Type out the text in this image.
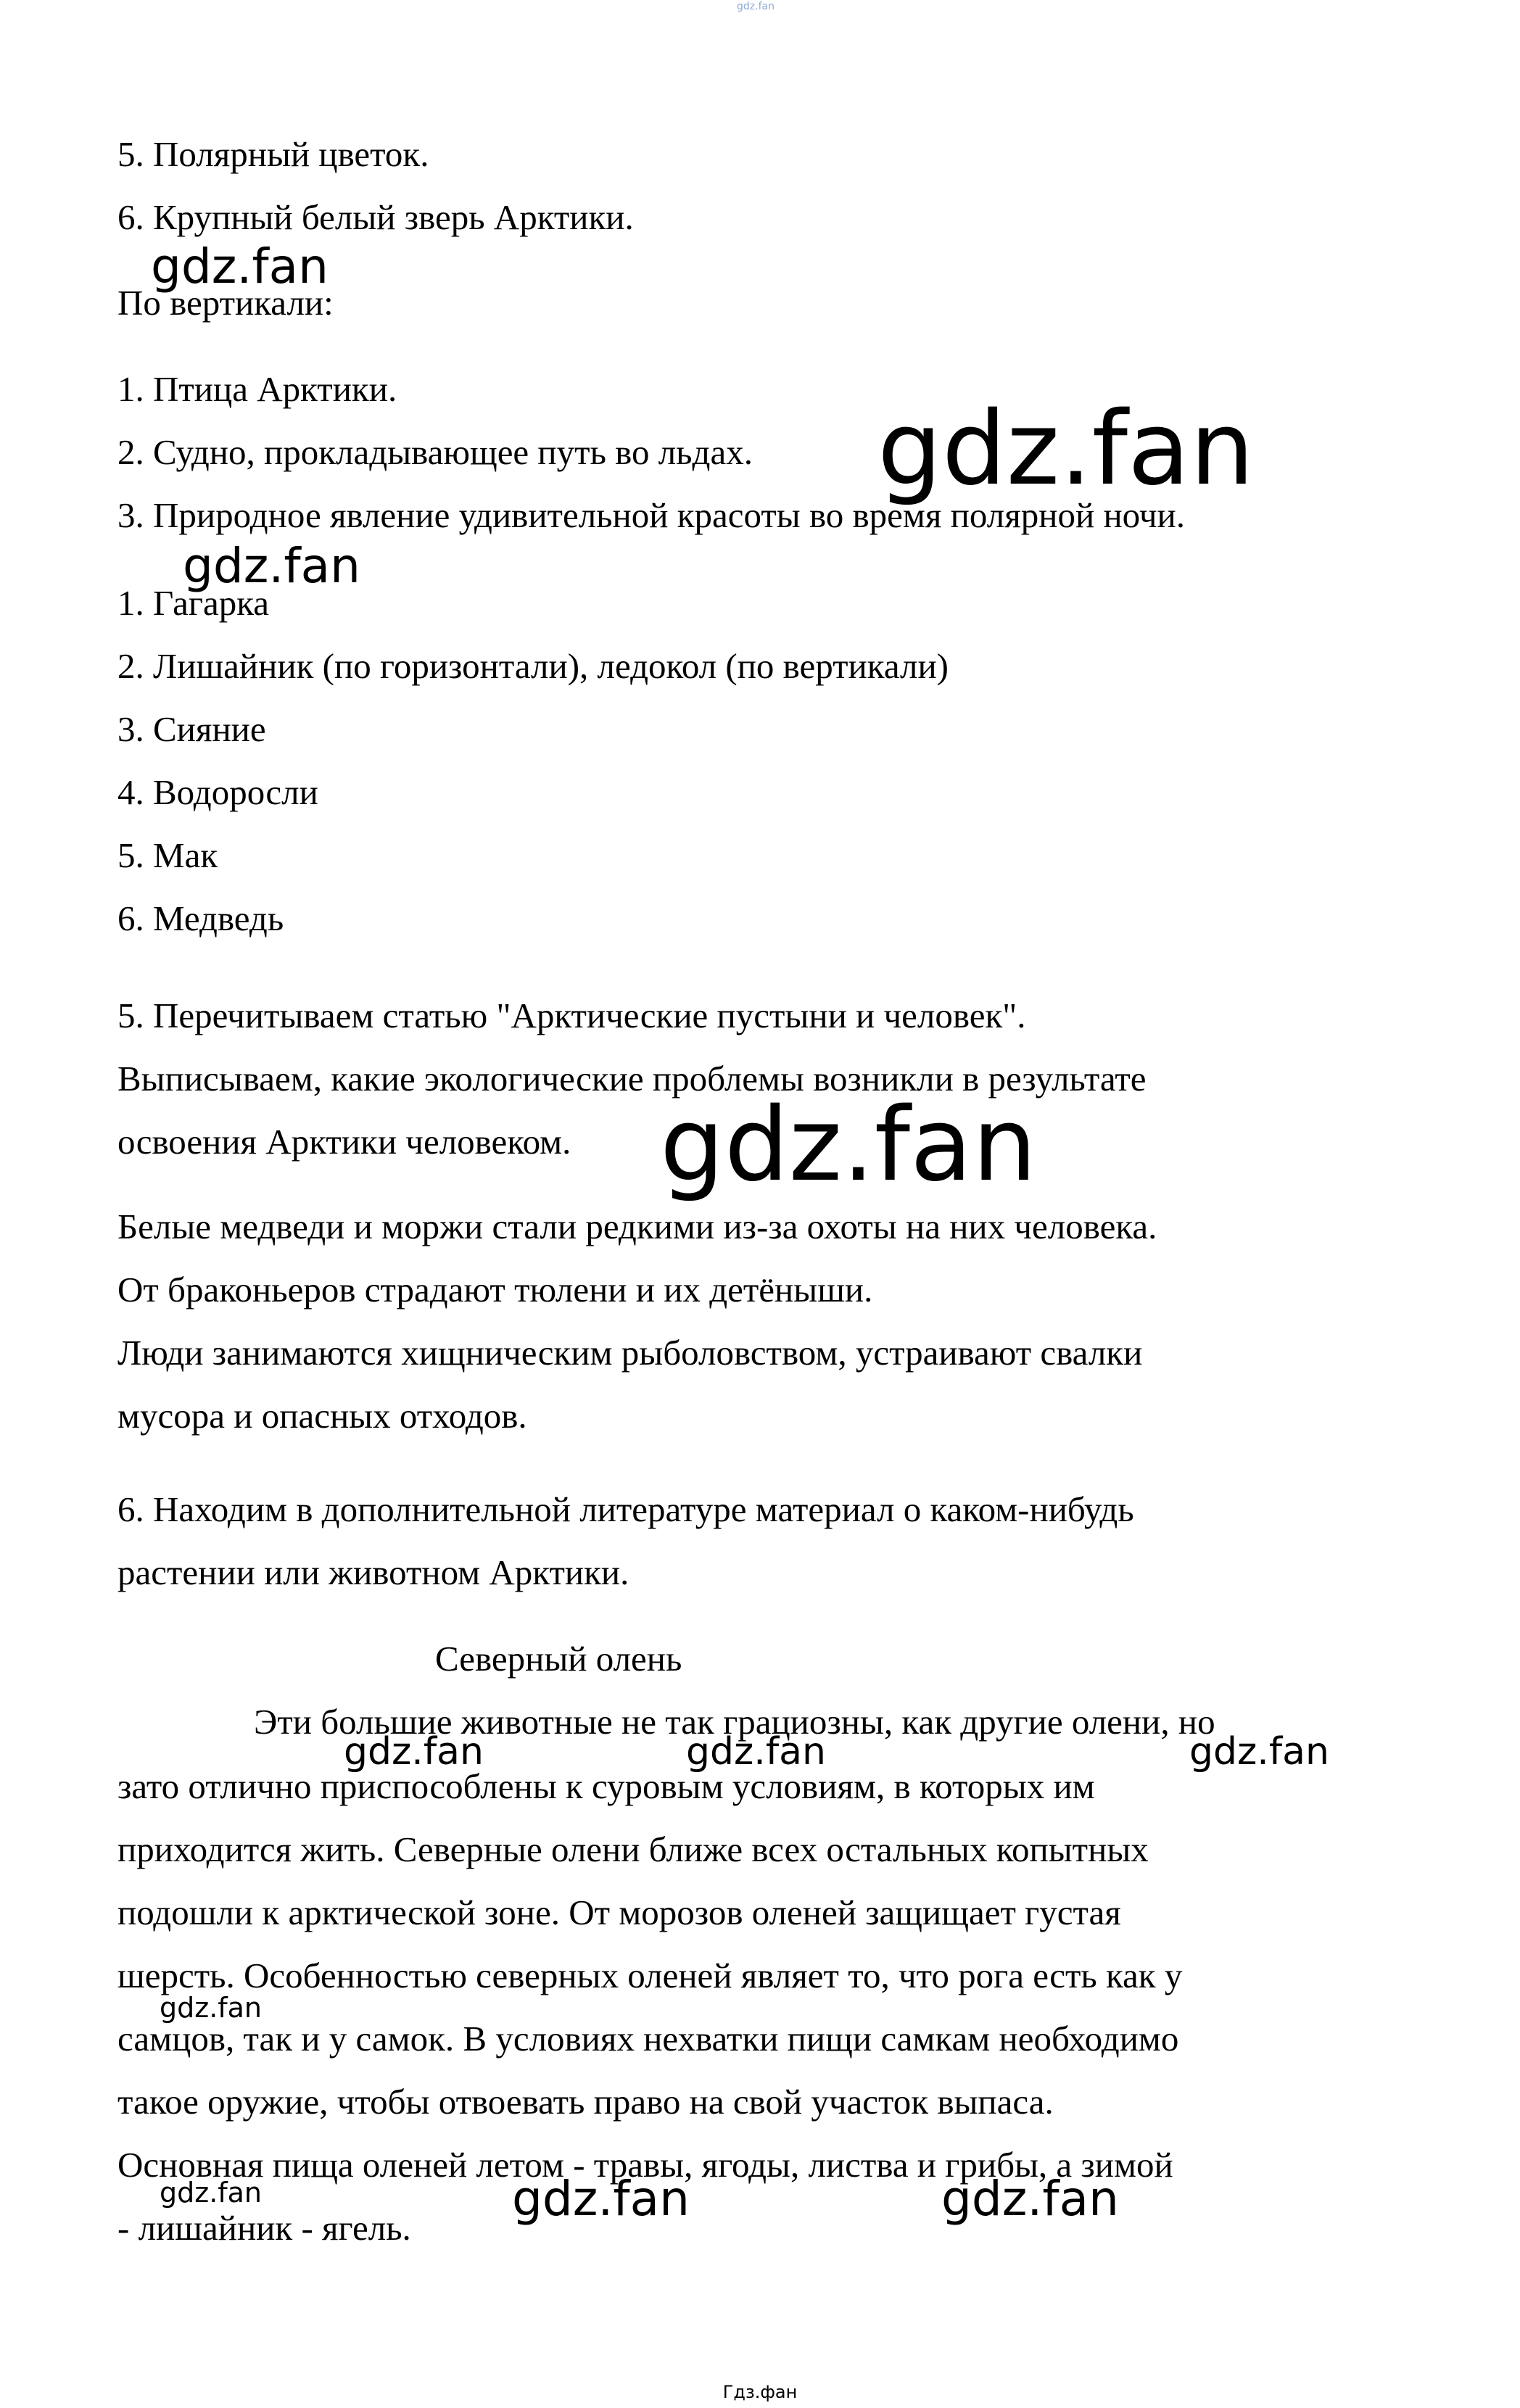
gdz.fan

5. Полярный цветок.

6. Крупный белый зверь Арктики.

По вертикали:

1. Птица Арктики.

2. Судно, прокладывающее путь во льдах.

3. Природное явление удивительной красоты во время полярной ночи.

1. Гагарка

2. Лишайник (по горизонтали), ледокол (по вертикали)

3. Сияние

4. Водоросли

5. Мак

6. Медведь

5. Перечитываем статью "Арктические пустыни и человек".

Выписываем, какие экологические проблемы возникли в результате

освоения Арктики человеком.

Белые медведи и моржи стали редкими из-за охоты на них человека.

От браконьеров страдают тюлени и их детёныши.

Люди занимаются хищническим рыболовством, устраивают свалки

мусора и опасных отходов.

6. Находим в дополнительной литературе материал о каком-нибудь

растении или животном Арктики.

Северный олень

Эти большие животные не так грациозны, как другие олени, но

зато отлично приспособлены к суровым условиям, в которых им

приходится жить. Северные олени ближе всех остальных копытных

подошли к арктической зоне. От морозов оленей защищает густая

шерсть. Особенностью северных оленей являет то, что рога есть как у

самцов, так и у самок. В условиях нехватки пищи самкам необходимо

такое оружие, чтобы отвоевать право на свой участок выпаса.

Основная пища оленей летом - травы, ягоды, листва и грибы, а зимой

- лишайник - ягель.

gdz.fan
gdz.fan
gdz.fan
gdz.fan
gdz.fan	gdz.fan	gdz.fan
gdz.fan
gdz.fan	gdz.fan	gdz.fan
Гдз.фан
